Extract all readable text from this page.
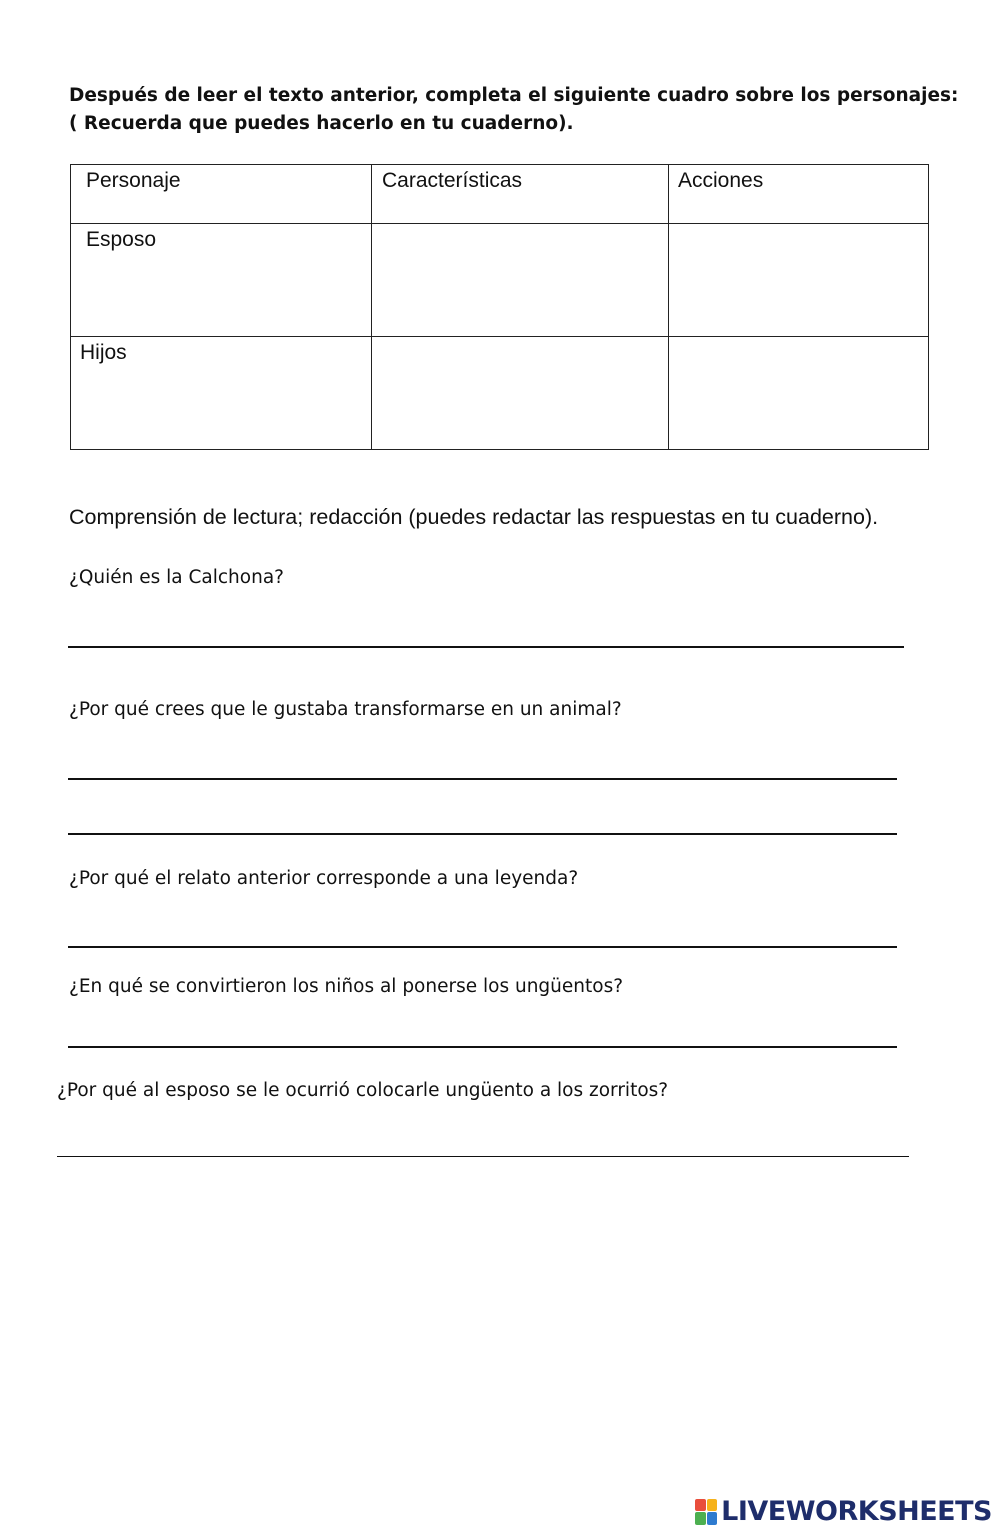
Después de leer el texto anterior, completa el siguiente cuadro sobre los personajes:
( Recuerda que puedes hacerlo en tu cuaderno).
Personaje	Características	Acciones
Esposo		
Hijos		
Comprensión de lectura; redacción (puedes redactar las respuestas en tu cuaderno).
¿Quién es la Calchona?
¿Por qué crees que le gustaba transformarse en un animal?
¿Por qué el relato anterior corresponde a una leyenda?
¿En qué se convirtieron los niños al ponerse los ungüentos?
¿Por qué al esposo se le ocurrió colocarle ungüento a los zorritos?
LIVEWORKSHEETS
